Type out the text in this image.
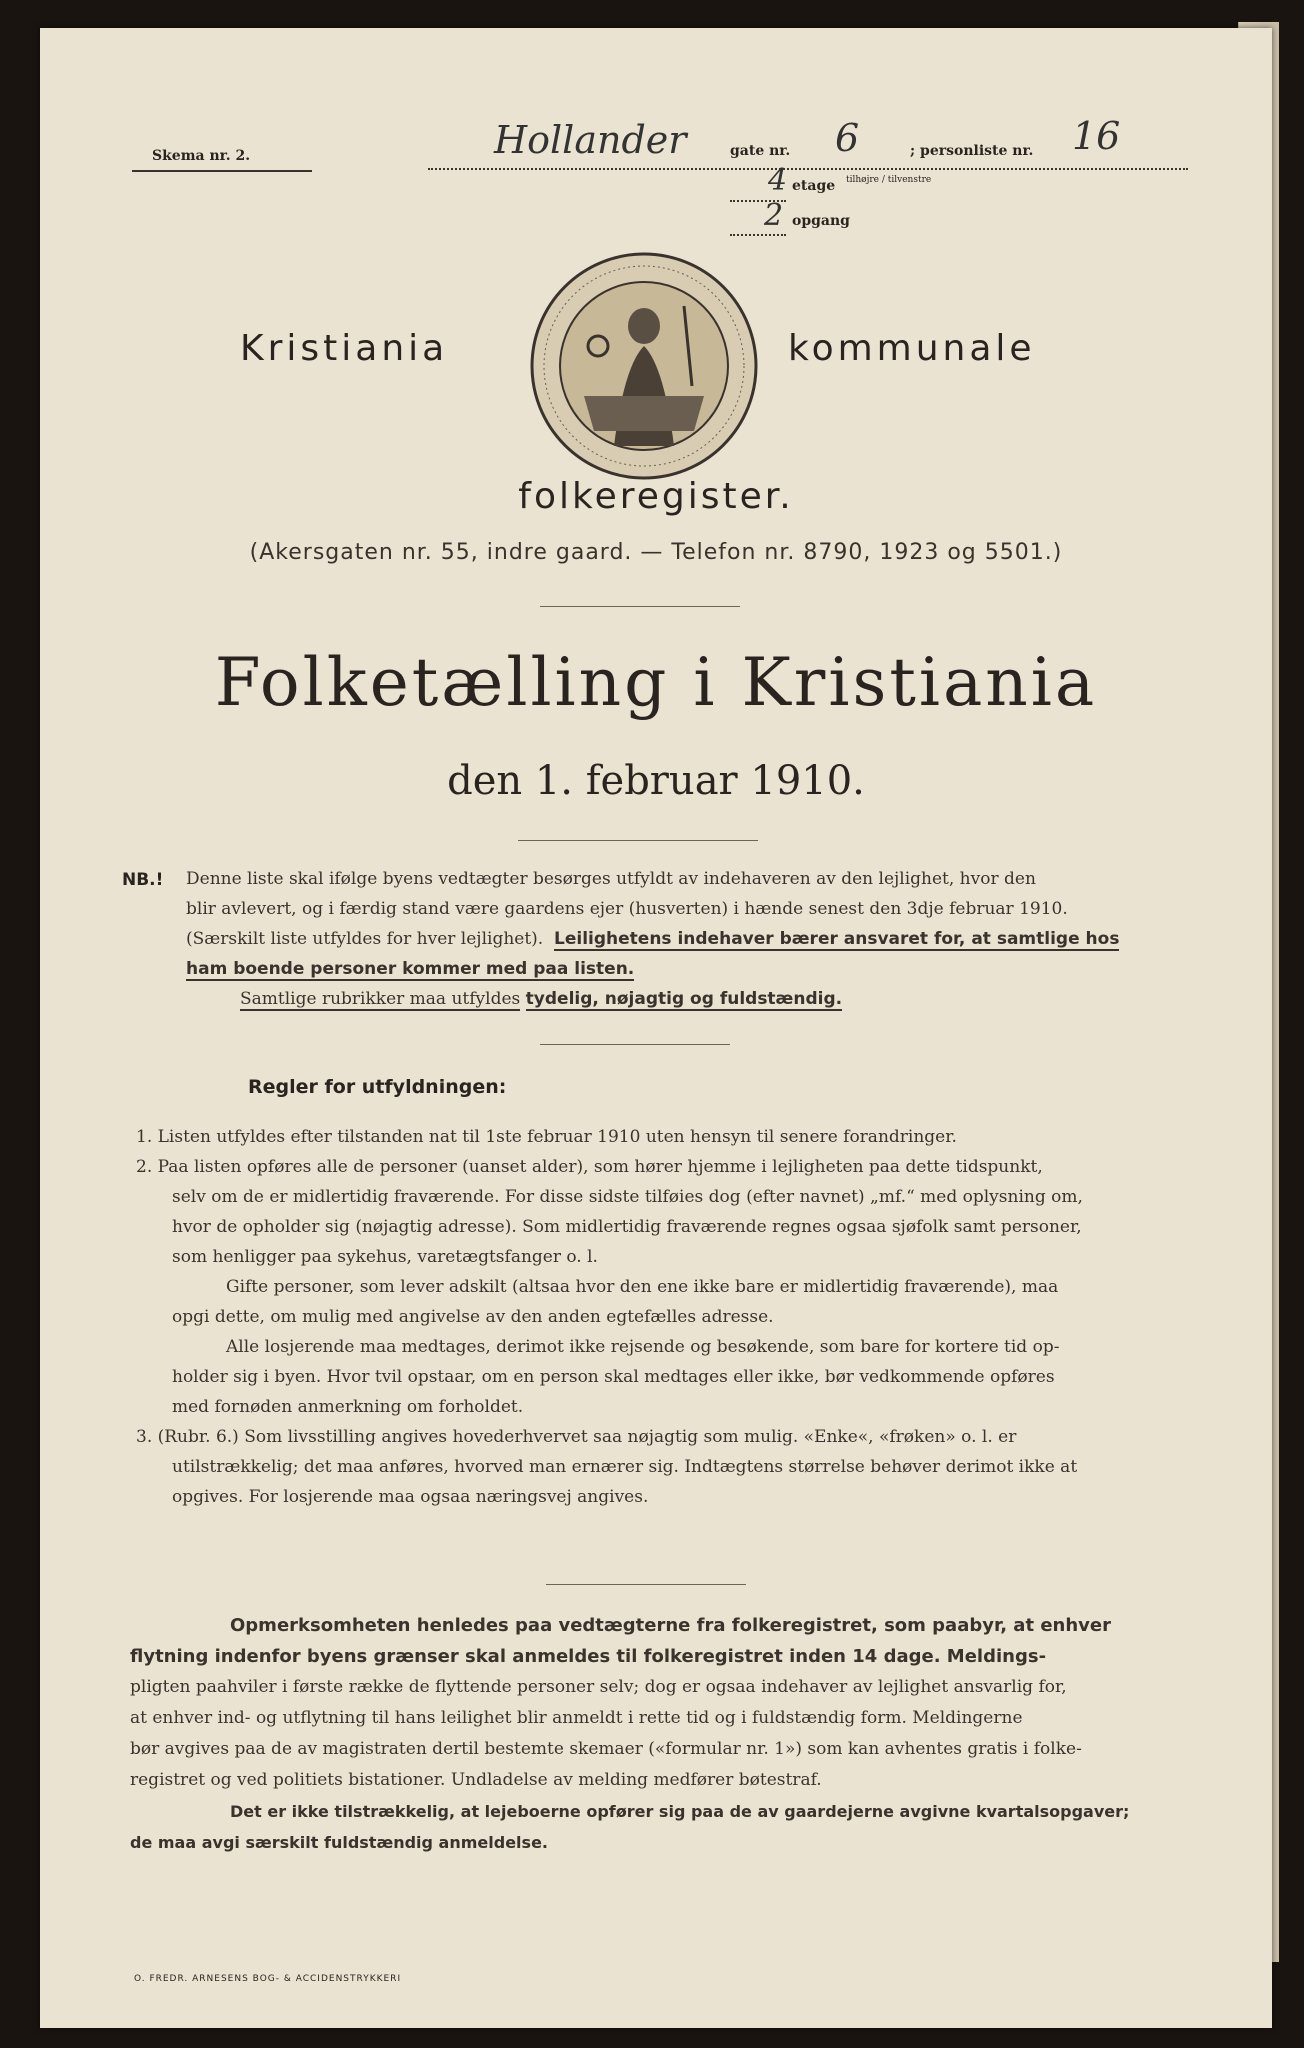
Skema nr. 2.	Hollander	gate nr. 6	; personliste nr. 16
4 etage tilhøjre / tilvenstre
2 opgang
Kristiania	kommunale
folkeregister.
(Akersgaten nr. 55, indre gaard. — Telefon nr. 8790, 1923 og 5501.)
Folketælling i Kristiania
den 1. februar 1910.
NB.! Denne liste skal ifølge byens vedtægter besørges utfyldt av indehaveren av den lejlighet, hvor den
blir avlevert, og i færdig stand være gaardens ejer (husverten) i hænde senest den 3dje februar 1910.
(Særskilt liste utfyldes for hver lejlighet). Leilighetens indehaver bærer ansvaret for, at samtlige hos
ham boende personer kommer med paa listen.
Samtlige rubrikker maa utfyldes tydelig, nøjagtig og fuldstændig.
Regler for utfyldningen:
1. Listen utfyldes efter tilstanden nat til 1ste februar 1910 uten hensyn til senere forandringer.
2. Paa listen opføres alle de personer (uanset alder), som hører hjemme i lejligheten paa dette tidspunkt,
selv om de er midlertidig fraværende. For disse sidste tilføies dog (efter navnet) „mf.“ med oplysning om,
hvor de opholder sig (nøjagtig adresse). Som midlertidig fraværende regnes ogsaa sjøfolk samt personer,
som henligger paa sykehus, varetægtsfanger o. l.
Gifte personer, som lever adskilt (altsaa hvor den ene ikke bare er midlertidig fraværende), maa
opgi dette, om mulig med angivelse av den anden egtefælles adresse.
Alle losjerende maa medtages, derimot ikke rejsende og besøkende, som bare for kortere tid op-
holder sig i byen. Hvor tvil opstaar, om en person skal medtages eller ikke, bør vedkommende opføres
med fornøden anmerkning om forholdet.
3. (Rubr. 6.) Som livsstilling angives hovederhvervet saa nøjagtig som mulig. «Enke«, «frøken» o. l. er
utilstrækkelig; det maa anføres, hvorved man ernærer sig. Indtægtens størrelse behøver derimot ikke at
opgives. For losjerende maa ogsaa næringsvej angives.
Opmerksomheten henledes paa vedtægterne fra folkeregistret, som paabyr, at enhver
flytning indenfor byens grænser skal anmeldes til folkeregistret inden 14 dage. Meldings-
pligten paahviler i første række de flyttende personer selv; dog er ogsaa indehaver av lejlighet ansvarlig for,
at enhver ind- og utflytning til hans leilighet blir anmeldt i rette tid og i fuldstændig form. Meldingerne
bør avgives paa de av magistraten dertil bestemte skemaer («formular nr. 1») som kan avhentes gratis i folke-
registret og ved politiets bistationer. Undladelse av melding medfører bøtestraf.
Det er ikke tilstrækkelig, at lejeboerne opfører sig paa de av gaardejerne avgivne kvartalsopgaver;
de maa avgi særskilt fuldstændig anmeldelse.
O. FREDR. ARNESENS BOG- & ACCIDENSTRYKKERI
